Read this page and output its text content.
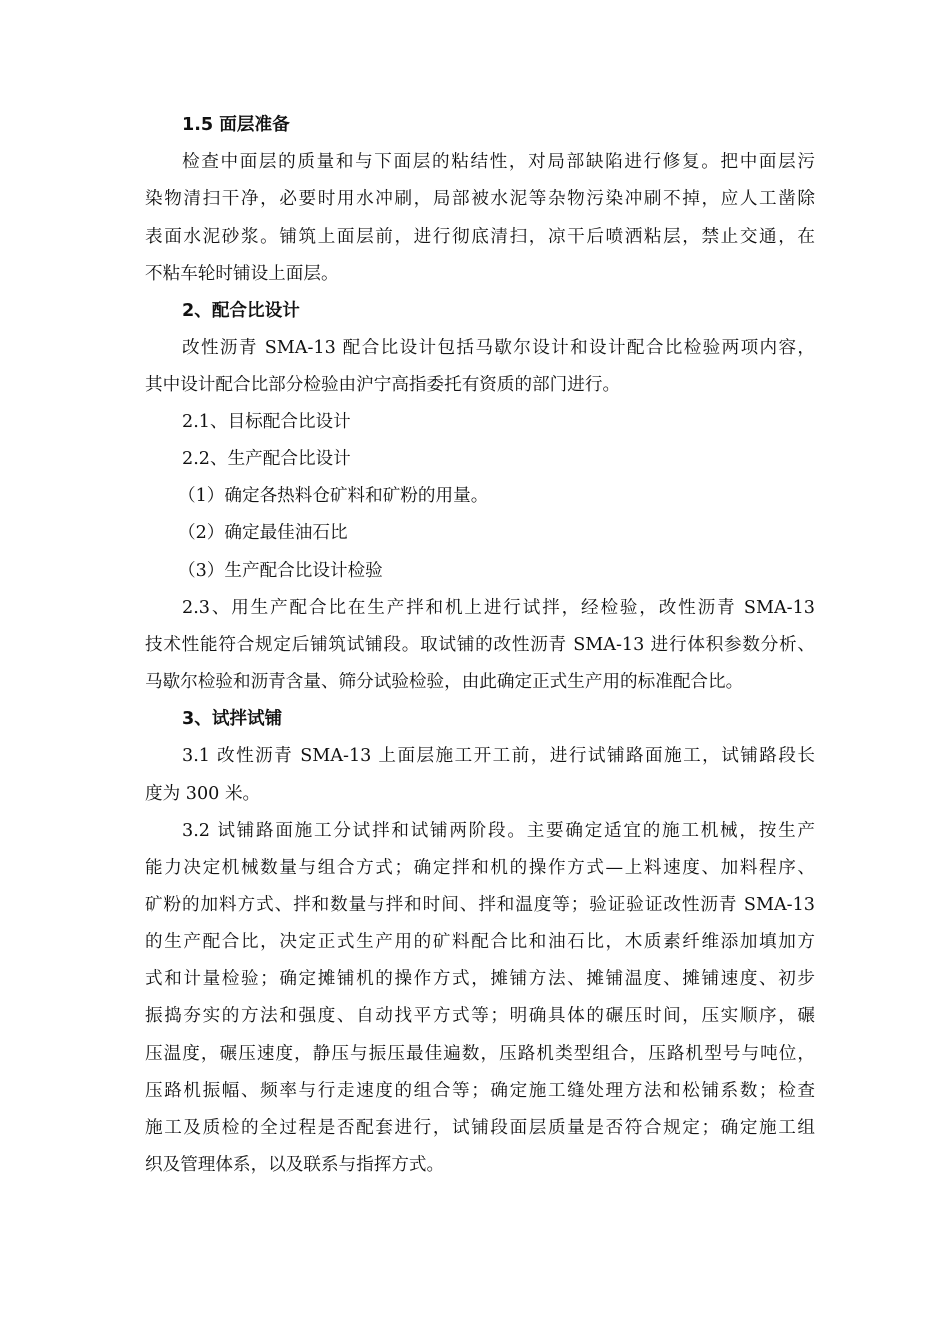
1.5 面层准备
检查中面层的质量和与下面层的粘结性，对局部缺陷进行修复。把中面层污
染物清扫干净，必要时用水冲刷，局部被水泥等杂物污染冲刷不掉，应人工凿除
表面水泥砂浆。铺筑上面层前，进行彻底清扫，凉干后喷洒粘层，禁止交通，在
不粘车轮时铺设上面层。
2、配合比设计
改性沥青 SMA-13 配合比设计包括马歇尔设计和设计配合比检验两项内容，
其中设计配合比部分检验由沪宁高指委托有资质的部门进行。
2.1、目标配合比设计
2.2、生产配合比设计
（1）确定各热料仓矿料和矿粉的用量。
（2）确定最佳油石比
（3）生产配合比设计检验
2.3、用生产配合比在生产拌和机上进行试拌，经检验，改性沥青 SMA-13
技术性能符合规定后铺筑试铺段。取试铺的改性沥青 SMA-13 进行体积参数分析、
马歇尔检验和沥青含量、筛分试验检验，由此确定正式生产用的标准配合比。
3、试拌试铺
3.1 改性沥青 SMA-13 上面层施工开工前，进行试铺路面施工，试铺路段长
度为 300 米。
3.2 试铺路面施工分试拌和试铺两阶段。主要确定适宜的施工机械，按生产
能力决定机械数量与组合方式；确定拌和机的操作方式—上料速度、加料程序、
矿粉的加料方式、拌和数量与拌和时间、拌和温度等；验证验证改性沥青 SMA-13
的生产配合比，决定正式生产用的矿料配合比和油石比，木质素纤维添加填加方
式和计量检验；确定摊铺机的操作方式，摊铺方法、摊铺温度、摊铺速度、初步
振捣夯实的方法和强度、自动找平方式等；明确具体的碾压时间，压实顺序，碾
压温度，碾压速度，静压与振压最佳遍数，压路机类型组合，压路机型号与吨位，
压路机振幅、频率与行走速度的组合等；确定施工缝处理方法和松铺系数；检查
施工及质检的全过程是否配套进行，试铺段面层质量是否符合规定；确定施工组
织及管理体系，以及联系与指挥方式。
